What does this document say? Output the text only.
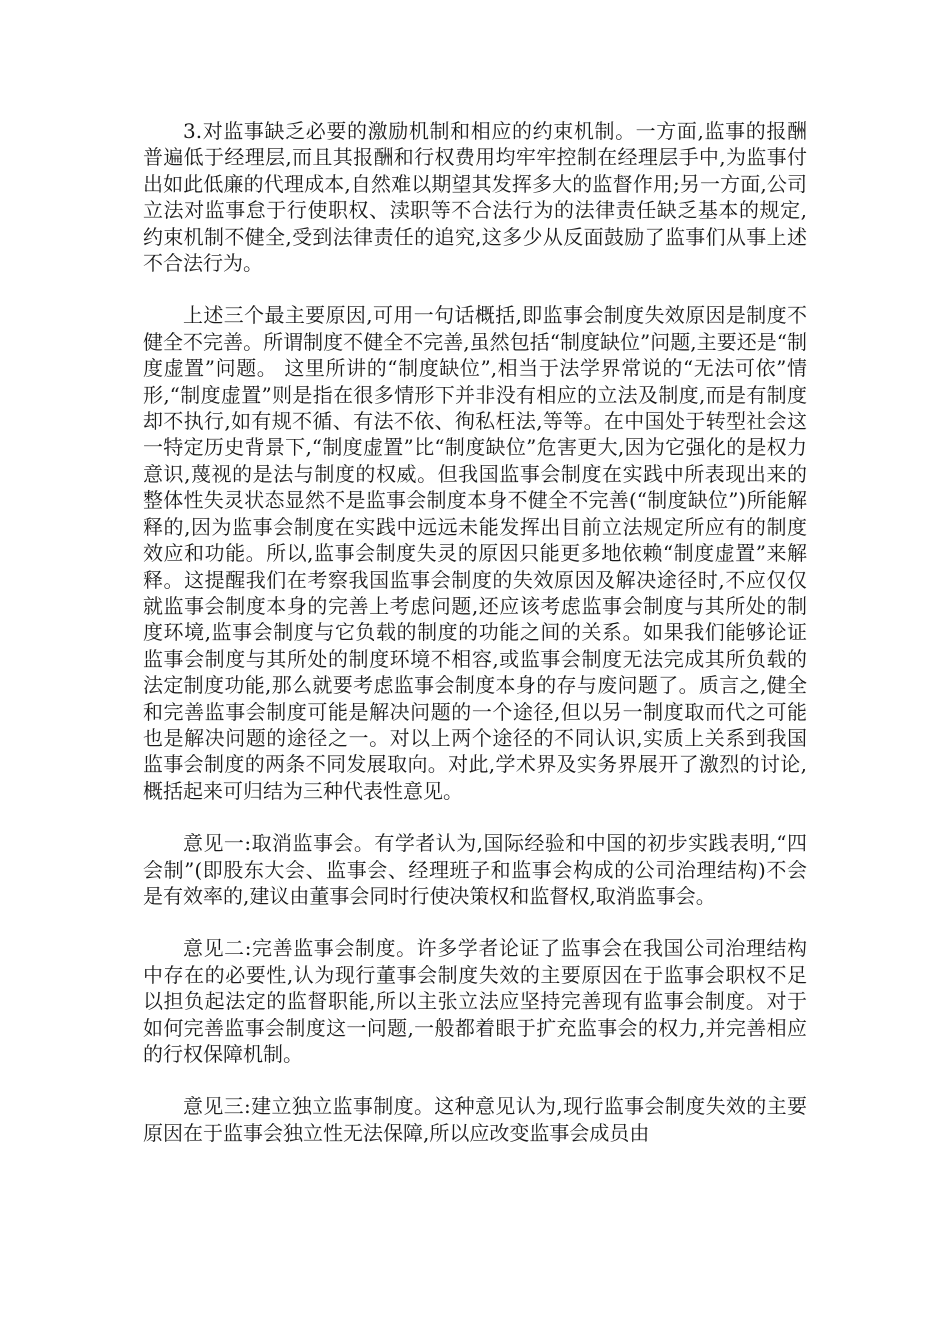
3.对监事缺乏必要的激励机制和相应的约束机制。一方面,监事的报酬普遍低于经理层,而且其报酬和行权费用均牢牢控制在经理层手中,为监事付出如此低廉的代理成本,自然难以期望其发挥多大的监督作用;另一方面,公司立法对监事怠于行使职权、渎职等不合法行为的法律责任缺乏基本的规定,约束机制不健全,受到法律责任的追究,这多少从反面鼓励了监事们从事上述不合法行为。

上述三个最主要原因,可用一句话概括,即监事会制度失效原因是制度不健全不完善。所谓制度不健全不完善,虽然包括“制度缺位”问题,主要还是“制度虚置”问题。 这里所讲的“制度缺位”,相当于法学界常说的“无法可依”情形,“制度虚置”则是指在很多情形下并非没有相应的立法及制度,而是有制度却不执行,如有规不循、有法不依、徇私枉法,等等。在中国处于转型社会这一特定历史背景下,“制度虚置”比“制度缺位”危害更大,因为它强化的是权力意识,蔑视的是法与制度的权威。但我国监事会制度在实践中所表现出来的整体性失灵状态显然不是监事会制度本身不健全不完善(“制度缺位”)所能解释的,因为监事会制度在实践中远远未能发挥出目前立法规定所应有的制度效应和功能。所以,监事会制度失灵的原因只能更多地依赖“制度虚置”来解释。这提醒我们在考察我国监事会制度的失效原因及解决途径时,不应仅仅就监事会制度本身的完善上考虑问题,还应该考虑监事会制度与其所处的制度环境,监事会制度与它负载的制度的功能之间的关系。如果我们能够论证监事会制度与其所处的制度环境不相容,或监事会制度无法完成其所负载的法定制度功能,那么就要考虑监事会制度本身的存与废问题了。质言之,健全和完善监事会制度可能是解决问题的一个途径,但以另一制度取而代之可能也是解决问题的途径之一。对以上两个途径的不同认识,实质上关系到我国监事会制度的两条不同发展取向。对此,学术界及实务界展开了激烈的讨论,概括起来可归结为三种代表性意见。

意见一:取消监事会。有学者认为,国际经验和中国的初步实践表明,“四会制”(即股东大会、监事会、经理班子和监事会构成的公司治理结构)不会是有效率的,建议由董事会同时行使决策权和监督权,取消监事会。

意见二:完善监事会制度。许多学者论证了监事会在我国公司治理结构中存在的必要性,认为现行董事会制度失效的主要原因在于监事会职权不足以担负起法定的监督职能,所以主张立法应坚持完善现有监事会制度。对于如何完善监事会制度这一问题,一般都着眼于扩充监事会的权力,并完善相应的行权保障机制。

意见三:建立独立监事制度。这种意见认为,现行监事会制度失效的主要原因在于监事会独立性无法保障,所以应改变监事会成员由
